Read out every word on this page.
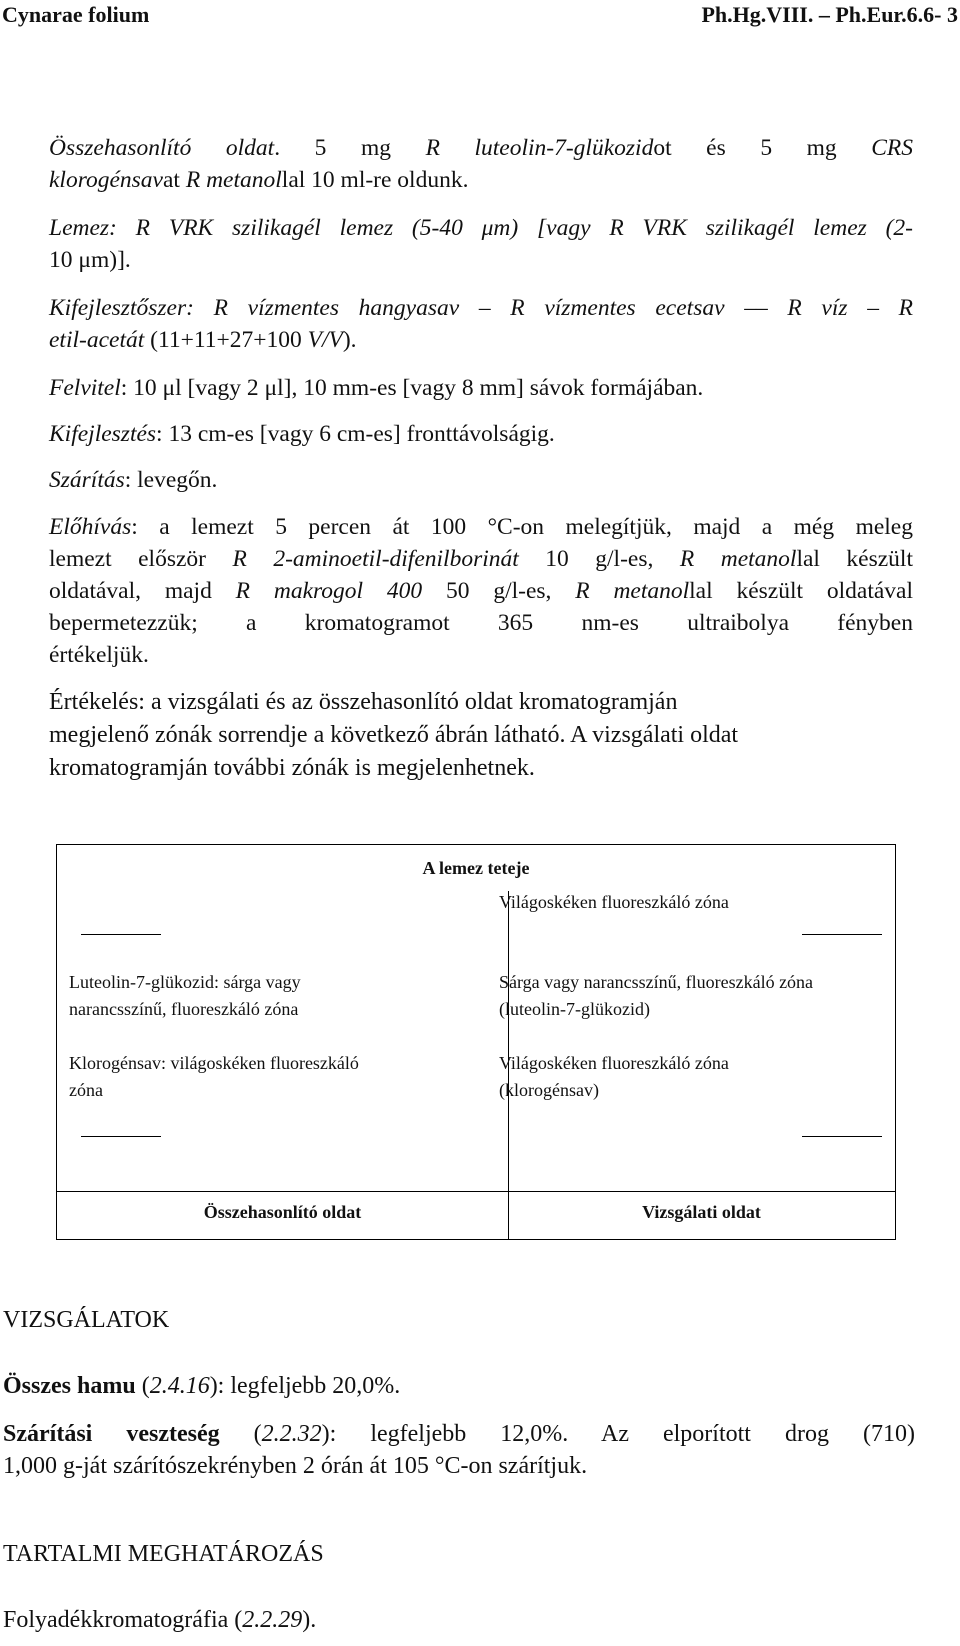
Cynarae folium	Ph.Hg.VIII. – Ph.Eur.6.6- 3
Összehasonlító oldat. 5 mg R luteolin-7-glükozidot és 5 mg CRS
klorogénsavat R metanollal 10 ml-re oldunk.
Lemez: R VRK szilikagél lemez (5-40 μm) [vagy R VRK szilikagél lemez (2-
10 μm)].
Kifejlesztőszer: R vízmentes hangyasav – R vízmentes ecetsav –– R víz – R
etil-acetát (11+11+27+100 V/V).
Felvitel: 10 μl [vagy 2 μl], 10 mm-es [vagy 8 mm] sávok formájában.
Kifejlesztés: 13 cm-es [vagy 6 cm-es] fronttávolságig.
Szárítás: levegőn.
Előhívás: a lemezt 5 percen át 100 °C-on melegítjük, majd a még meleg
lemezt először R 2-aminoetil-difenilborinát 10 g/l-es, R metanollal készült
oldatával, majd R makrogol 400 50 g/l-es, R metanollal készült oldatával
bepermetezzük; a kromatogramot 365 nm-es ultraibolya fényben
értékeljük.
Értékelés: a vizsgálati és az összehasonlító oldat kromatogramján
megjelenő zónák sorrendje a következő ábrán látható. A vizsgálati oldat
kromatogramján további zónák is megjelenhetnek.
A lemez teteje
Világoskéken fluoreszkáló zóna
Luteolin-7-glükozid: sárga vagy
narancsszínű, fluoreszkáló zóna
Sárga vagy narancsszínű, fluoreszkáló zóna
(luteolin-7-glükozid)
Klorogénsav: világoskéken fluoreszkáló
zóna
Világoskéken fluoreszkáló zóna
(klorogénsav)
Összehasonlító oldat	Vizsgálati oldat
VIZSGÁLATOK
Összes hamu (2.4.16): legfeljebb 20,0%.
Szárítási veszteség (2.2.32): legfeljebb 12,0%. Az elporított drog (710)
1,000 g-ját szárítószekrényben 2 órán át 105 °C-on szárítjuk.
TARTALMI MEGHATÁROZÁS
Folyadékkromatográfia (2.2.29).
